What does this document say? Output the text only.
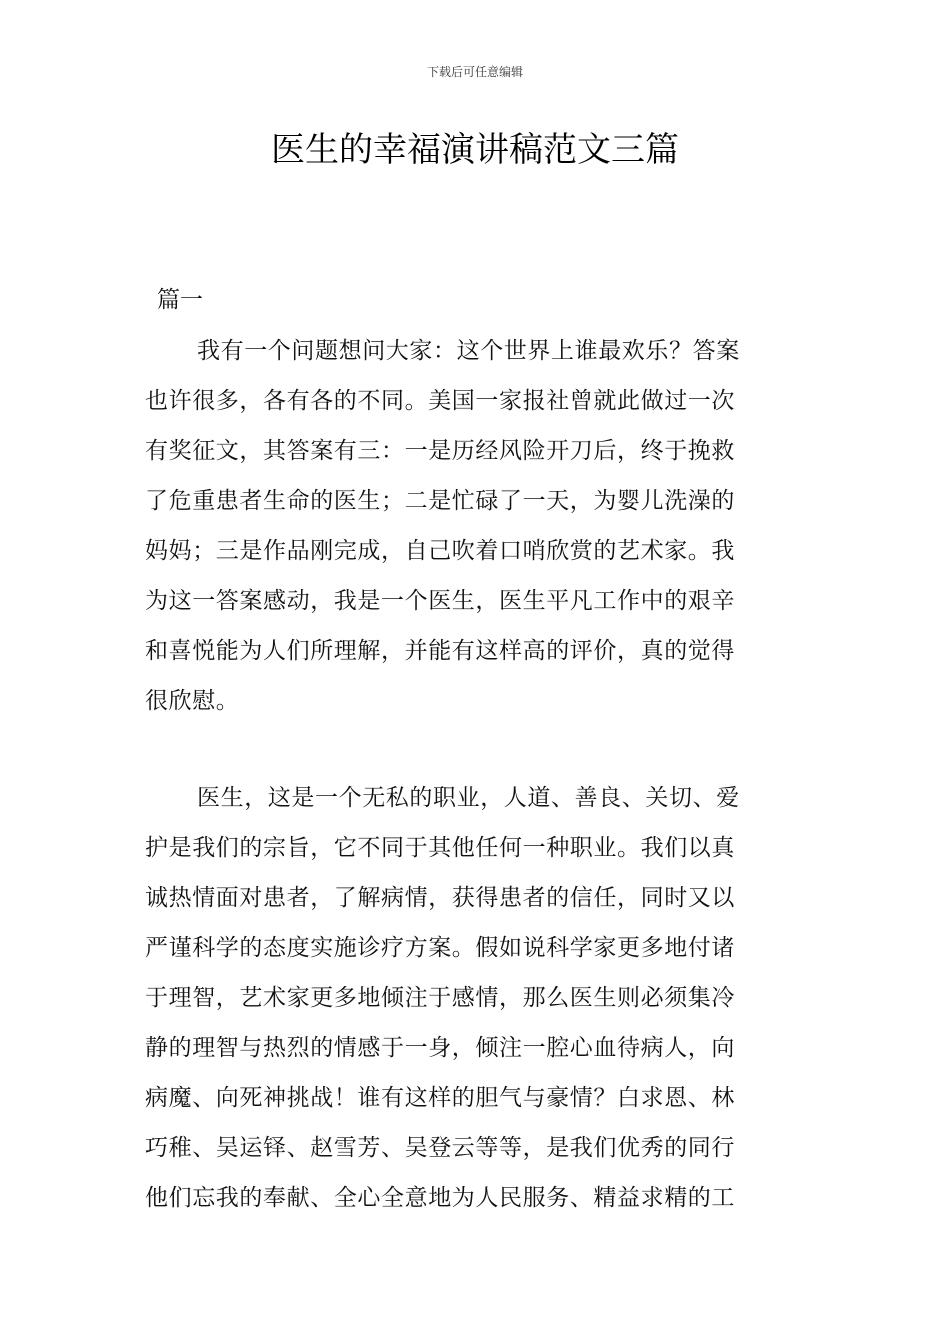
下载后可任意编辑
医生的幸福演讲稿范文三篇
篇一
我有一个问题想问大家：这个世界上谁最欢乐？答案
也许很多，各有各的不同。美国一家报社曾就此做过一次
有奖征文，其答案有三：一是历经风险开刀后，终于挽救
了危重患者生命的医生；二是忙碌了一天，为婴儿洗澡的
妈妈；三是作品刚完成，自己吹着口哨欣赏的艺术家。我
为这一答案感动，我是一个医生，医生平凡工作中的艰辛
和喜悦能为人们所理解，并能有这样高的评价，真的觉得
很欣慰。
医生，这是一个无私的职业，人道、善良、关切、爱
护是我们的宗旨，它不同于其他任何一种职业。我们以真
诚热情面对患者，了解病情，获得患者的信任，同时又以
严谨科学的态度实施诊疗方案。假如说科学家更多地付诸
于理智，艺术家更多地倾注于感情，那么医生则必须集冷
静的理智与热烈的情感于一身，倾注一腔心血待病人，向
病魔、向死神挑战！谁有这样的胆气与豪情？白求恩、林
巧稚、吴运铎、赵雪芳、吴登云等等，是我们优秀的同行
他们忘我的奉献、全心全意地为人民服务、精益求精的工
